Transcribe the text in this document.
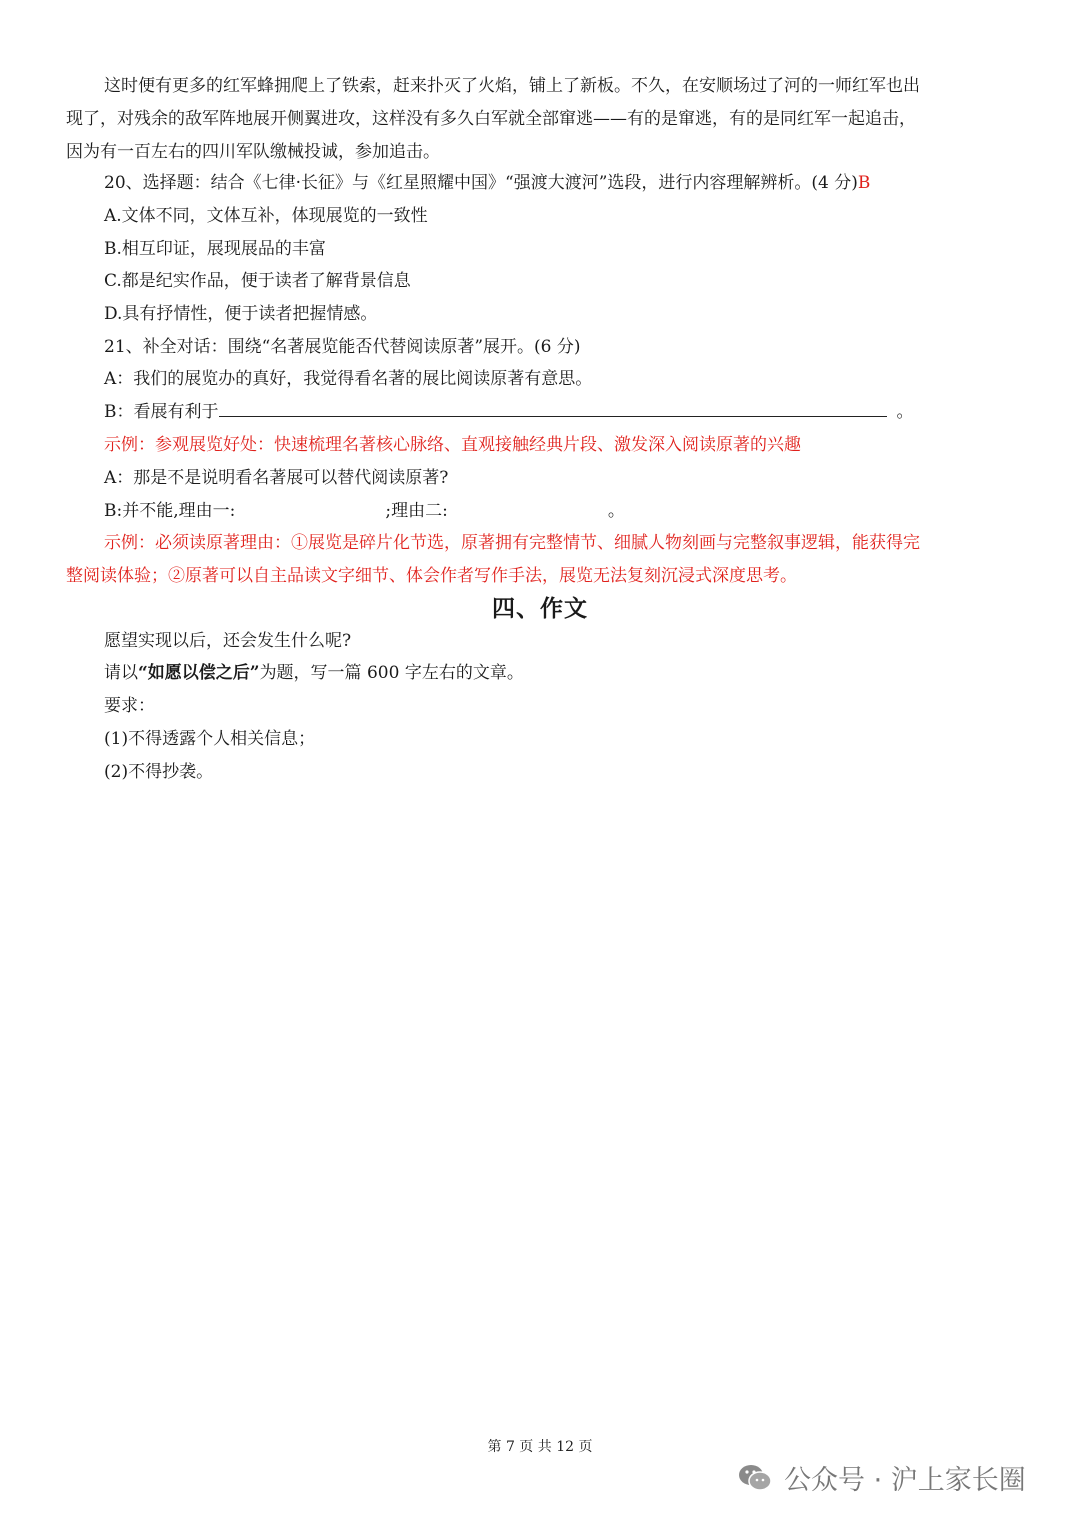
这时便有更多的红军蜂拥爬上了铁索，赶来扑灭了火焰，铺上了新板。不久，在安顺场过了河的一师红军也出
现了，对残余的敌军阵地展开侧翼进攻，这样没有多久白军就全部窜逃——有的是窜逃，有的是同红军一起追击，
因为有一百左右的四川军队缴械投诚，参加追击。
20、选择题：结合《七律·长征》与《红星照耀中国》“强渡大渡河”选段，进行内容理解辨析。(4 分)B
A.文体不同，文体互补，体现展览的一致性
B.相互印证，展现展品的丰富
C.都是纪实作品，便于读者了解背景信息
D.具有抒情性，便于读者把握情感。
21、补全对话：围绕“名著展览能否代替阅读原著”展开。(6 分)
A：我们的展览办的真好，我觉得看名著的展比阅读原著有意思。
B：看展有利于	。
示例：参观展览好处：快速梳理名著核心脉络、直观接触经典片段、激发深入阅读原著的兴趣
A：那是不是说明看名著展可以替代阅读原著?
B:并不能,理由一:	;理由二:	。
示例：必须读原著理由：①展览是碎片化节选，原著拥有完整情节、细腻人物刻画与完整叙事逻辑，能获得完
整阅读体验；②原著可以自主品读文字细节、体会作者写作手法，展览无法复刻沉浸式深度思考。
四、作文
愿望实现以后，还会发生什么呢?
请以“如愿以偿之后”为题，写一篇 600 字左右的文章。
要求：
(1)不得透露个人相关信息；
(2)不得抄袭。
第 7 页 共 12 页
公众号 · 沪上家长圈
